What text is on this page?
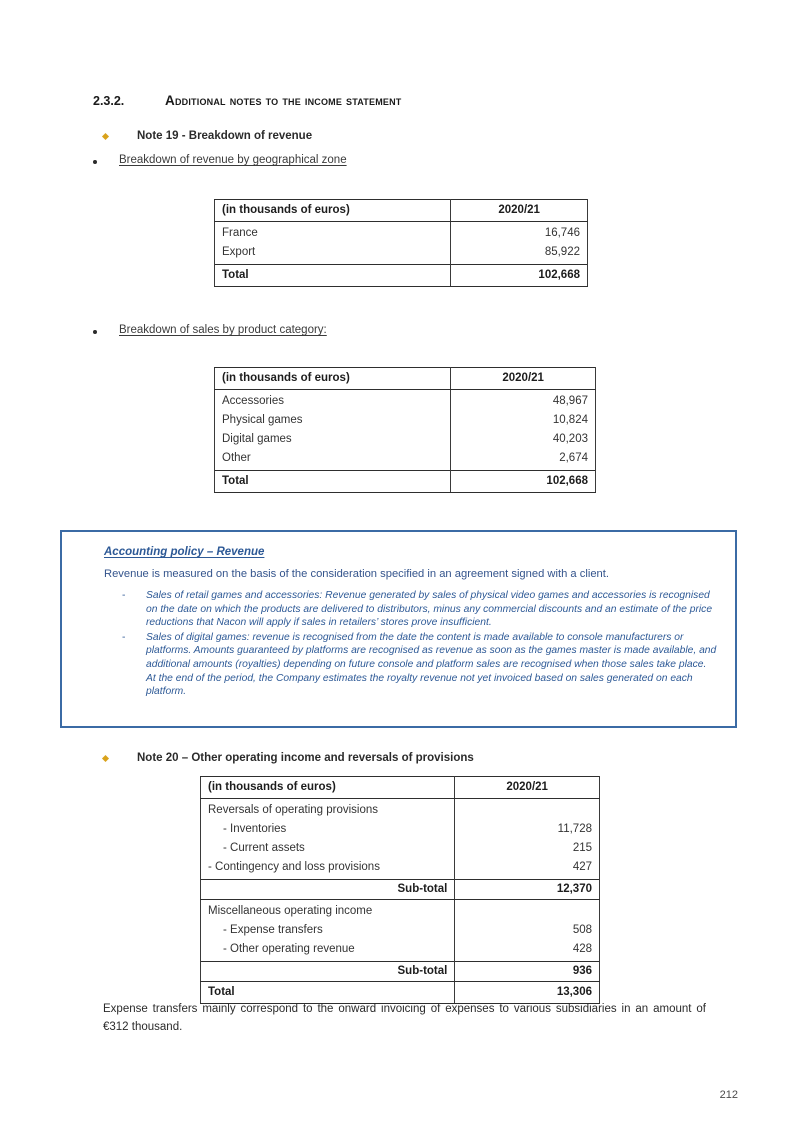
2.3.2.	Additional notes to the income statement
Note 19 - Breakdown of revenue
Breakdown of revenue by geographical zone
(in thousands of euros)	2020/21
France	16,746
Export	85,922
Total	102,668
Breakdown of sales by product category:
(in thousands of euros)	2020/21
Accessories	48,967
Physical games	10,824
Digital games	40,203
Other	2,674
Total	102,668
Accounting policy – Revenue
Revenue is measured on the basis of the consideration specified in an agreement signed with a client.
- Sales of retail games and accessories: Revenue generated by sales of physical video games and accessories is recognised on the date on which the products are delivered to distributors, minus any commercial discounts and an estimate of the price reductions that Nacon will apply if sales in retailers’ stores prove insufficient.
- Sales of digital games: revenue is recognised from the date the content is made available to console manufacturers or platforms. Amounts guaranteed by platforms are recognised as revenue as soon as the games master is made available, and additional amounts (royalties) depending on future console and platform sales are recognised when those sales take place. At the end of the period, the Company estimates the royalty revenue not yet invoiced based on sales generated on each platform.
Note 20 – Other operating income and reversals of provisions
(in thousands of euros)	2020/21
Reversals of operating provisions	
- Inventories	11,728
- Current assets	215
- Contingency and loss provisions	427
Sub-total	12,370
Miscellaneous operating income	
- Expense transfers	508
- Other operating revenue	428
Sub-total	936
Total	13,306
Expense transfers mainly correspond to the onward invoicing of expenses to various subsidiaries in an amount of €312 thousand.
212
